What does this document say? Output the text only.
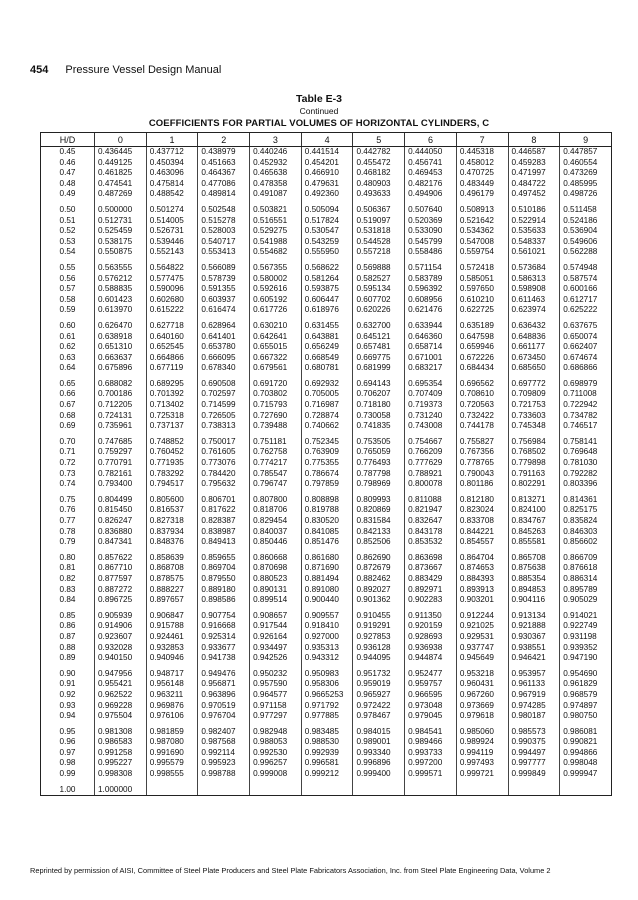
454 Pressure Vessel Design Manual
Table E-3
Continued
COEFFICIENTS FOR PARTIAL VOLUMES OF HORIZONTAL CYLINDERS, C
H/D	0	1	2	3	4	5	6	7	8	9
0.45	0.436445	0.437712	0.438979	0.440246	0.441514	0.442782	0.444050	0.445318	0.446587	0.447857
0.46	0.449125	0.450394	0.451663	0.452932	0.454201	0.455472	0.456741	0.458012	0.459283	0.460554
0.47	0.461825	0.463096	0.464367	0.465638	0.466910	0.468182	0.469453	0.470725	0.471997	0.473269
0.48	0.474541	0.475814	0.477086	0.478358	0.479631	0.480903	0.482176	0.483449	0.484722	0.485995
0.49	0.487269	0.488542	0.489814	0.491087	0.492360	0.493633	0.494906	0.496179	0.497452	0.498726

0.50	0.500000	0.501274	0.502548	0.503821	0.505094	0.506367	0.507640	0.508913	0.510186	0.511458
0.51	0.512731	0.514005	0.515278	0.516551	0.517824	0.519097	0.520369	0.521642	0.522914	0.524186
0.52	0.525459	0.526731	0.528003	0.529275	0.530547	0.531818	0.533090	0.534362	0.535633	0.536904
0.53	0.538175	0.539446	0.540717	0.541988	0.543259	0.544528	0.545799	0.547008	0.548337	0.549606
0.54	0.550875	0.552143	0.553413	0.554682	0.555950	0.557218	0.558486	0.559754	0.561021	0.562288

0.55	0.563555	0.564822	0.566089	0.567355	0.568622	0.569888	0.571154	0.572418	0.573684	0.574948
0.56	0.576212	0.577475	0.578739	0.580002	0.581264	0.582527	0.583789	0.585051	0.586313	0.587574
0.57	0.588835	0.590096	0.591355	0.592616	0.593875	0.595134	0.596392	0.597650	0.598908	0.600166
0.58	0.601423	0.602680	0.603937	0.605192	0.606447	0.607702	0.608956	0.610210	0.611463	0.612717
0.59	0.613970	0.615222	0.616474	0.617726	0.618976	0.620226	0.621476	0.622725	0.623974	0.625222

0.60	0.626470	0.627718	0.628964	0.630210	0.631455	0.632700	0.633944	0.635189	0.636432	0.637675
0.61	0.638918	0.640160	0.641401	0.642641	0.643881	0.645121	0.646360	0.647598	0.648836	0.650074
0.62	0.651310	0.652545	0.653780	0.655015	0.656249	0.657481	0.658714	0.659946	0.661177	0.662407
0.63	0.663637	0.664866	0.666095	0.667322	0.668549	0.669775	0.671001	0.672226	0.673450	0.674674
0.64	0.675896	0.677119	0.678340	0.679561	0.680781	0.681999	0.683217	0.684434	0.685650	0.686866

0.65	0.688082	0.689295	0.690508	0.691720	0.692932	0.694143	0.695354	0.696562	0.697772	0.698979
0.66	0.700186	0.701392	0.702597	0.703802	0.705005	0.706207	0.707409	0.708610	0.709809	0.711008
0.67	0.712205	0.713402	0.714599	0.715793	0.716987	0.718180	0.719373	0.720563	0.721753	0.722942
0.68	0.724131	0.725318	0.726505	0.727690	0.728874	0.730058	0.731240	0.732422	0.733603	0.734782
0.69	0.735961	0.737137	0.738313	0.739488	0.740662	0.741835	0.743008	0.744178	0.745348	0.746517

0.70	0.747685	0.748852	0.750017	0.751181	0.752345	0.753505	0.754667	0.755827	0.756984	0.758141
0.71	0.759297	0.760452	0.761605	0.762758	0.763909	0.765059	0.766209	0.767356	0.768502	0.769648
0.72	0.770791	0.771935	0.773076	0.774217	0.775355	0.776493	0.777629	0.778765	0.779898	0.781030
0.73	0.782161	0.783292	0.784420	0.785547	0.786674	0.787798	0.788921	0.790043	0.791163	0.792282
0.74	0.793400	0.794517	0.795632	0.796747	0.797859	0.798969	0.800078	0.801186	0.802291	0.803396

0.75	0.804499	0.805600	0.806701	0.807800	0.808898	0.809993	0.811088	0.812180	0.813271	0.814361
0.76	0.815450	0.816537	0.817622	0.818706	0.819788	0.820869	0.821947	0.823024	0.824100	0.825175
0.77	0.826247	0.827318	0.828387	0.829454	0.830520	0.831584	0.832647	0.833708	0.834767	0.835824
0.78	0.836880	0.837934	0.838987	0.840037	0.841085	0.842133	0.843178	0.844221	0.845263	0.846303
0.79	0.847341	0.848376	0.849413	0.850446	0.851476	0.852506	0.853532	0.854557	0.855581	0.856602

0.80	0.857622	0.858639	0.859655	0.860668	0.861680	0.862690	0.863698	0.864704	0.865708	0.866709
0.81	0.867710	0.868708	0.869704	0.870698	0.871690	0.872679	0.873667	0.874653	0.875638	0.876618
0.82	0.877597	0.878575	0.879550	0.880523	0.881494	0.882462	0.883429	0.884393	0.885354	0.886314
0.83	0.887272	0.888227	0.889180	0.890131	0.891080	0.892027	0.892971	0.893913	0.894853	0.895789
0.84	0.896725	0.897657	0.898586	0.899514	0.900440	0.901362	0.902283	0.903201	0.904116	0.905029

0.85	0.905939	0.906847	0.907754	0.908657	0.909557	0.910455	0.911350	0.912244	0.913134	0.914021
0.86	0.914906	0.915788	0.916668	0.917544	0.918410	0.919291	0.920159	0.921025	0.921888	0.922749
0.87	0.923607	0.924461	0.925314	0.926164	0.927000	0.927853	0.928693	0.929531	0.930367	0.931198
0.88	0.932028	0.932853	0.933677	0.934497	0.935313	0.936128	0.936938	0.937747	0.938551	0.939352
0.89	0.940150	0.940946	0.941738	0.942526	0.943312	0.944095	0.944874	0.945649	0.946421	0.947190

0.90	0.947956	0.948717	0.949476	0.950232	0.950983	0.951732	0.952477	0.953218	0.953957	0.954690
0.91	0.955421	0.956148	0.956871	0.957590	0.958306	0.959019	0.959757	0.960431	0.961133	0.961829
0.92	0.962522	0.963211	0.963896	0.964577	0.9665253	0.965927	0.966595	0.967260	0.967919	0.968579
0.93	0.969228	0.969876	0.970519	0.971158	0.971792	0.972422	0.973048	0.973669	0.974285	0.974897
0.94	0.975504	0.976106	0.976704	0.977297	0.977885	0.978467	0.979045	0.979618	0.980187	0.980750

0.95	0.981308	0.981859	0.982407	0.982948	0.983485	0.984015	0.984541	0.985060	0.985573	0.986081
0.96	0.986583	0.987080	0.987568	0.988053	0.988530	0.989001	0.989466	0.989924	0.990375	0.990821
0.97	0.991258	0.991690	0.992114	0.992530	0.992939	0.993340	0.993733	0.994119	0.994497	0.994866
0.98	0.995227	0.995579	0.995923	0.996257	0.996581	0.996896	0.997200	0.997493	0.997777	0.998048
0.99	0.998308	0.998555	0.998788	0.999008	0.999212	0.999400	0.999571	0.999721	0.999849	0.999947

1.00	1.000000									
Reprinted by permission of AISI, Committee of Steel Plate Producers and Steel Plate Fabricators Association, Inc. from Steel Plate Engineering Data, Volume 2
